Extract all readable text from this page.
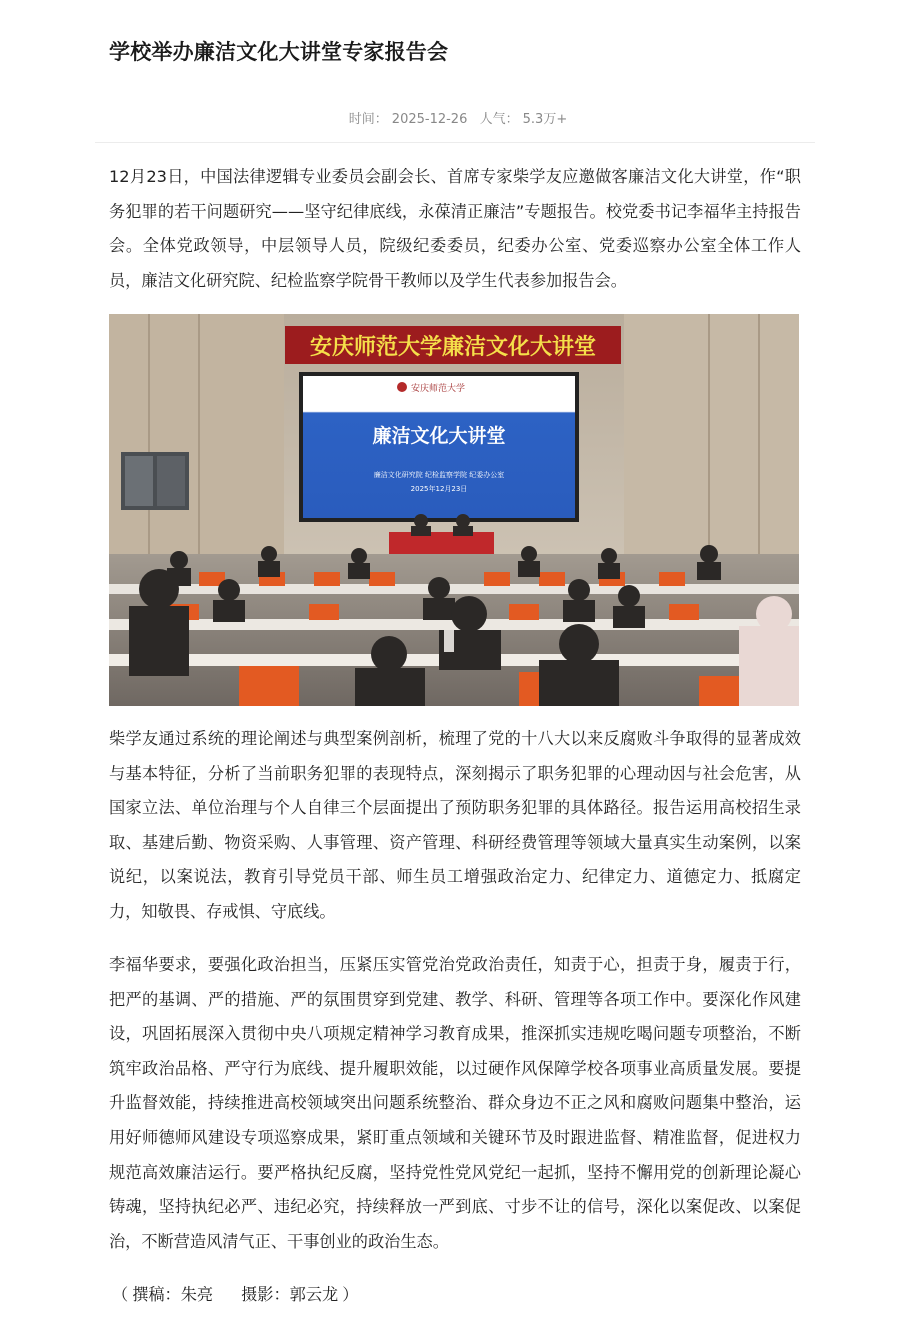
学校举办廉洁文化大讲堂专家报告会
时间： 2025-12-26 人气： 5.3万+

12月23日，中国法律逻辑专业委员会副会长、首席专家柴学友应邀做客廉洁文化大讲堂，作“职务犯罪的若干问题研究——坚守纪律底线，永葆清正廉洁”专题报告。校党委书记李福华主持报告会。全体党政领导，中层领导人员，院级纪委委员，纪委办公室、党委巡察办公室全体工作人员，廉洁文化研究院、纪检监察学院骨干教师以及学生代表参加报告会。

安庆师范大学廉洁文化大讲堂
安庆师范大学
廉洁文化大讲堂
廉洁文化研究院 纪检监察学院 纪委办公室
2025年12月23日

柴学友通过系统的理论阐述与典型案例剖析，梳理了党的十八大以来反腐败斗争取得的显著成效与基本特征，分析了当前职务犯罪的表现特点，深刻揭示了职务犯罪的心理动因与社会危害，从国家立法、单位治理与个人自律三个层面提出了预防职务犯罪的具体路径。报告运用高校招生录取、基建后勤、物资采购、人事管理、资产管理、科研经费管理等领域大量真实生动案例，以案说纪，以案说法，教育引导党员干部、师生员工增强政治定力、纪律定力、道德定力、抵腐定力，知敬畏、存戒惧、守底线。

李福华要求，要强化政治担当，压紧压实管党治党政治责任，知责于心，担责于身，履责于行，把严的基调、严的措施、严的氛围贯穿到党建、教学、科研、管理等各项工作中。要深化作风建设，巩固拓展深入贯彻中央八项规定精神学习教育成果，推深抓实违规吃喝问题专项整治，不断筑牢政治品格、严守行为底线、提升履职效能，以过硬作风保障学校各项事业高质量发展。要提升监督效能，持续推进高校领域突出问题系统整治、群众身边不正之风和腐败问题集中整治，运用好师德师风建设专项巡察成果，紧盯重点领域和关键环节及时跟进监督、精准监督，促进权力规范高效廉洁运行。要严格执纪反腐，坚持党性党风党纪一起抓，坚持不懈用党的创新理论凝心铸魂，坚持执纪必严、违纪必究，持续释放一严到底、寸步不让的信号，深化以案促改、以案促治，不断营造风清气正、干事创业的政治生态。

（ 撰稿：朱亮 摄影：郭云龙 ）
